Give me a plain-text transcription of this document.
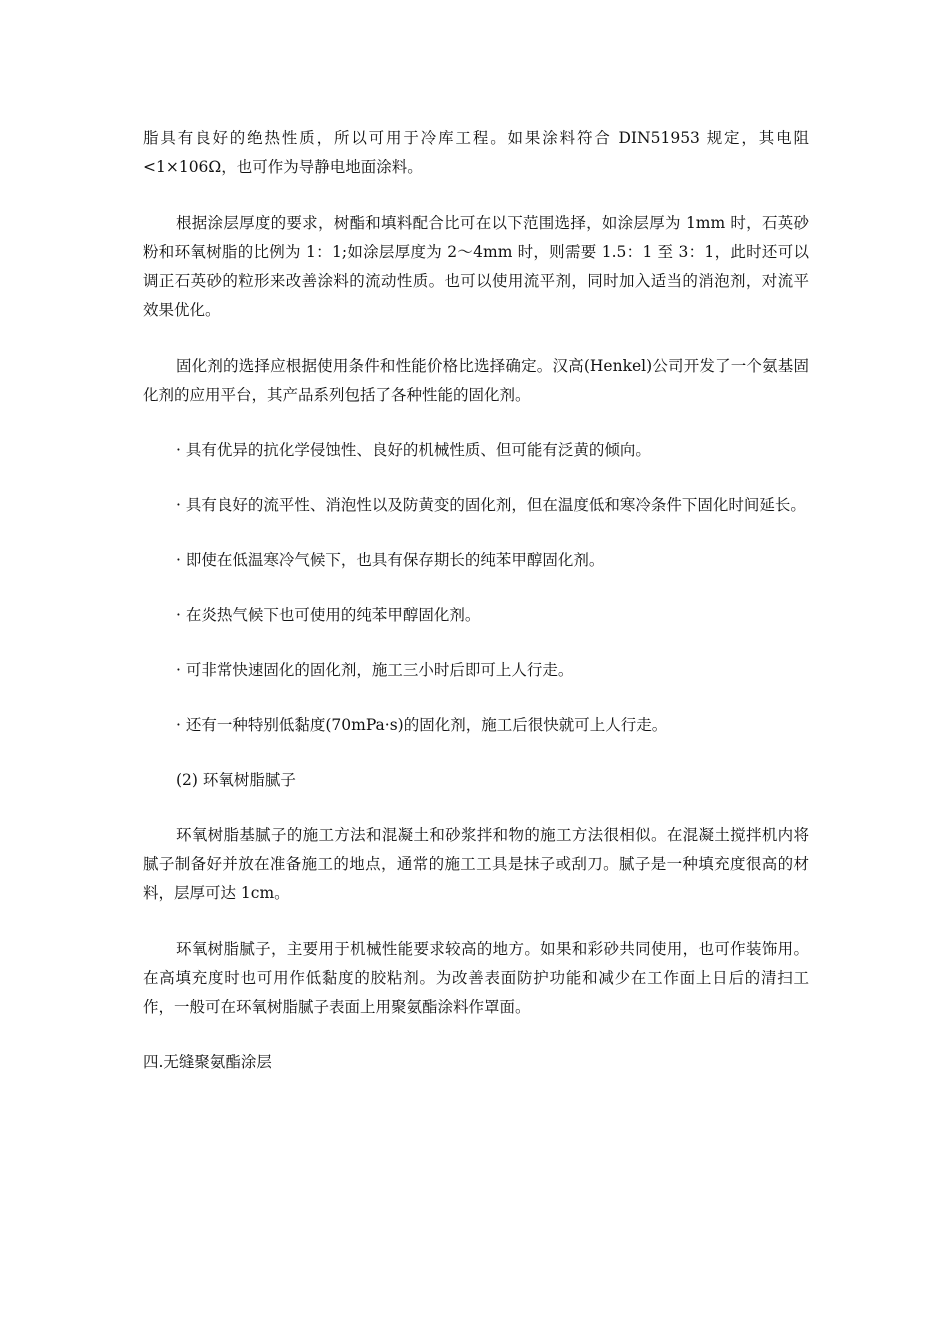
脂具有良好的绝热性质，所以可用于冷库工程。如果涂料符合 DIN51953 规定，其电阻<1×106Ω，也可作为导静电地面涂料。

根据涂层厚度的要求，树酯和填料配合比可在以下范围选择，如涂层厚为 1mm 时，石英砂粉和环氧树脂的比例为 1：1;如涂层厚度为 2～4mm 时，则需要 1.5：1 至 3：1，此时还可以调正石英砂的粒形来改善涂料的流动性质。也可以使用流平剂，同时加入适当的消泡剂，对流平效果优化。

固化剂的选择应根据使用条件和性能价格比选择确定。汉高(Henkel)公司开发了一个氨基固化剂的应用平台，其产品系列包括了各种性能的固化剂。

· 具有优异的抗化学侵蚀性、良好的机械性质、但可能有泛黄的倾向。

· 具有良好的流平性、消泡性以及防黄变的固化剂，但在温度低和寒冷条件下固化时间延长。

· 即使在低温寒冷气候下，也具有保存期长的纯苯甲醇固化剂。

· 在炎热气候下也可使用的纯苯甲醇固化剂。

· 可非常快速固化的固化剂，施工三小时后即可上人行走。

· 还有一种特别低黏度(70mPa·s)的固化剂，施工后很快就可上人行走。

(2) 环氧树脂腻子

环氧树脂基腻子的施工方法和混凝土和砂浆拌和物的施工方法很相似。在混凝土搅拌机内将腻子制备好并放在准备施工的地点，通常的施工工具是抹子或刮刀。腻子是一种填充度很高的材料，层厚可达 1cm。

环氧树脂腻子，主要用于机械性能要求较高的地方。如果和彩砂共同使用，也可作装饰用。在高填充度时也可用作低黏度的胶粘剂。为改善表面防护功能和减少在工作面上日后的清扫工作，一般可在环氧树脂腻子表面上用聚氨酯涂料作罩面。

四.无缝聚氨酯涂层
